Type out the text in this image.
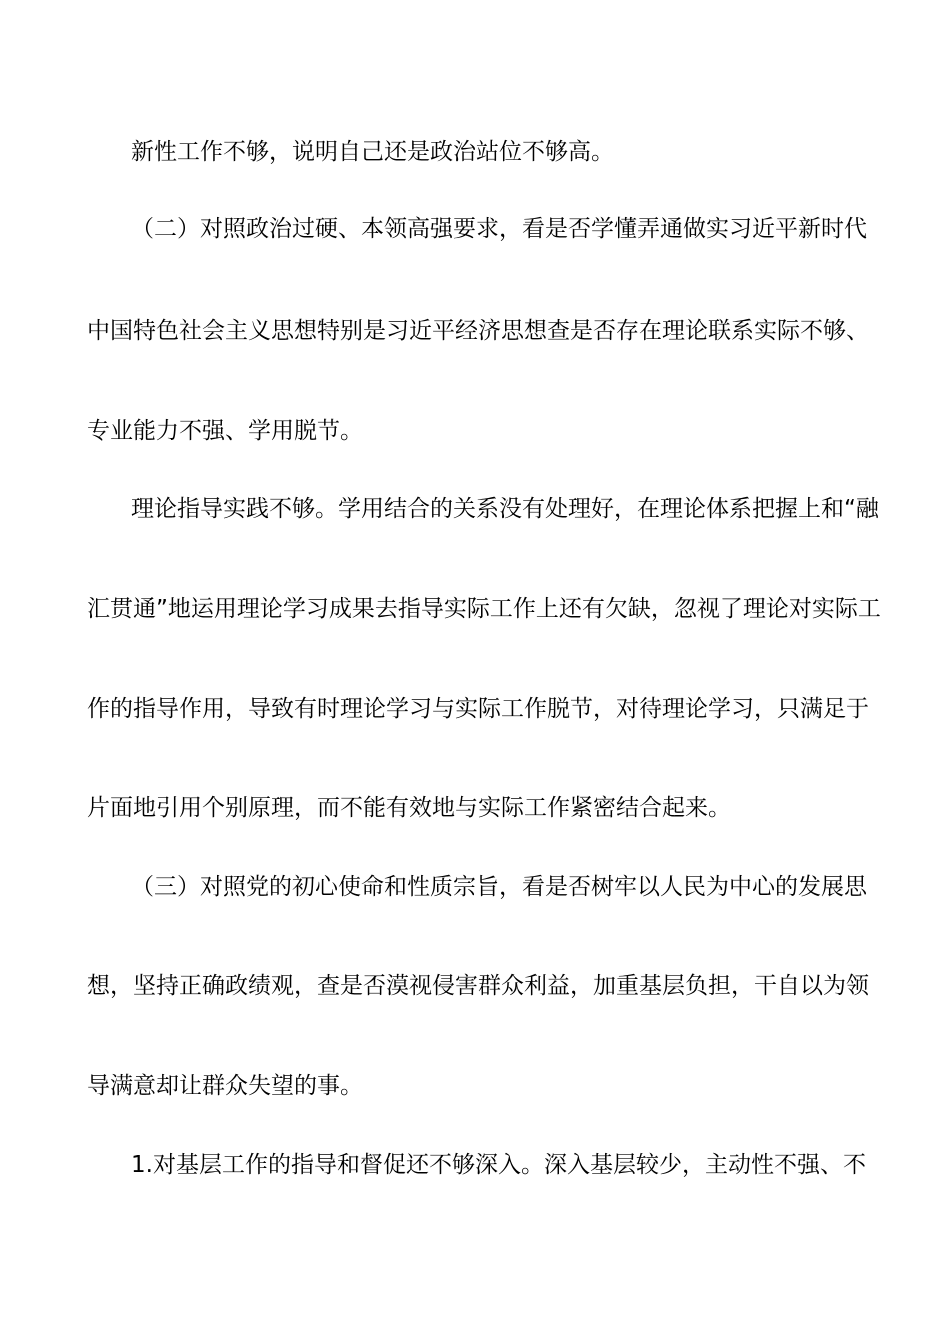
新性工作不够，说明自己还是政治站位不够高。
（二）对照政治过硬、本领高强要求，看是否学懂弄通做实习近平新时代
中国特色社会主义思想特别是习近平经济思想查是否存在理论联系实际不够、
专业能力不强、学用脱节。
理论指导实践不够。学用结合的关系没有处理好，在理论体系把握上和“融
汇贯通”地运用理论学习成果去指导实际工作上还有欠缺，忽视了理论对实际工
作的指导作用，导致有时理论学习与实际工作脱节，对待理论学习，只满足于
片面地引用个别原理，而不能有效地与实际工作紧密结合起来。
（三）对照党的初心使命和性质宗旨，看是否树牢以人民为中心的发展思
想，坚持正确政绩观，查是否漠视侵害群众利益，加重基层负担，干自以为领
导满意却让群众失望的事。
1.对基层工作的指导和督促还不够深入。深入基层较少，主动性不强、不
